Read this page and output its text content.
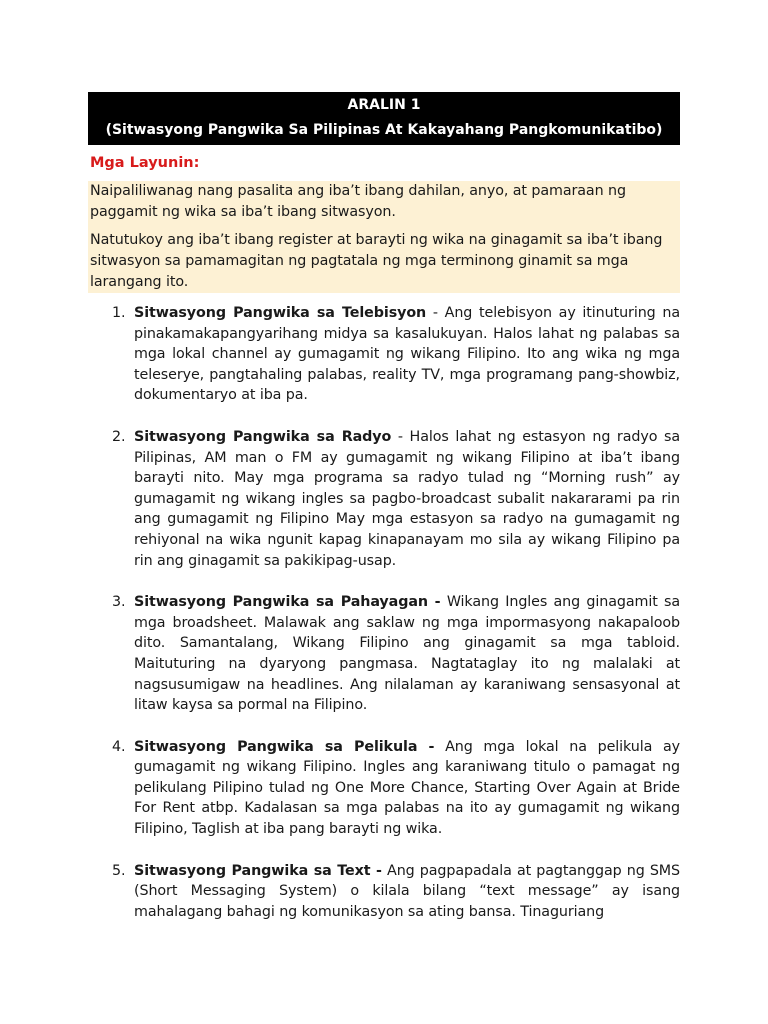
ARALIN 1
(Sitwasyong Pangwika Sa Pilipinas At Kakayahang Pangkomunikatibo)
Mga Layunin:

Naipaliliwanag nang pasalita ang iba’t ibang dahilan, anyo, at pamaraan ng paggamit ng wika sa iba’t ibang sitwasyon.

Natutukoy ang iba’t ibang register at barayti ng wika na ginagamit sa iba’t ibang sitwasyon sa pamamagitan ng pagtatala ng mga terminong ginamit sa mga larangang ito.

1. Sitwasyong Pangwika sa Telebisyon - Ang telebisyon ay itinuturing na pinakamakapangyarihang midya sa kasalukuyan. Halos lahat ng palabas sa mga lokal channel ay gumagamit ng wikang Filipino. Ito ang wika ng mga teleserye, pangtahaling palabas, reality TV, mga programang pang-showbiz, dokumentaryo at iba pa.
2. Sitwasyong Pangwika sa Radyo - Halos lahat ng estasyon ng radyo sa Pilipinas, AM man o FM ay gumagamit ng wikang Filipino at iba’t ibang barayti nito. May mga programa sa radyo tulad ng “Morning rush” ay gumagamit ng wikang ingles sa pagbo-broadcast subalit nakararami pa rin ang gumagamit ng Filipino May mga estasyon sa radyo na gumagamit ng rehiyonal na wika ngunit kapag kinapanayam mo sila ay wikang Filipino pa rin ang ginagamit sa pakikipag-usap.
3. Sitwasyong Pangwika sa Pahayagan - Wikang Ingles ang ginagamit sa mga broadsheet. Malawak ang saklaw ng mga impormasyong nakapaloob dito. Samantalang, Wikang Filipino ang ginagamit sa mga tabloid. Maituturing na dyaryong pangmasa. Nagtataglay ito ng malalaki at nagsusumigaw na headlines. Ang nilalaman ay karaniwang sensasyonal at litaw kaysa sa pormal na Filipino.
4. Sitwasyong Pangwika sa Pelikula - Ang mga lokal na pelikula ay gumagamit ng wikang Filipino. Ingles ang karaniwang titulo o pamagat ng pelikulang Pilipino tulad ng One More Chance, Starting Over Again at Bride For Rent atbp. Kadalasan sa mga palabas na ito ay gumagamit ng wikang Filipino, Taglish at iba pang barayti ng wika.
5. Sitwasyong Pangwika sa Text - Ang pagpapadala at pagtanggap ng SMS (Short Messaging System) o kilala bilang “text message” ay isang mahalagang bahagi ng komunikasyon sa ating bansa. Tinaguriang
